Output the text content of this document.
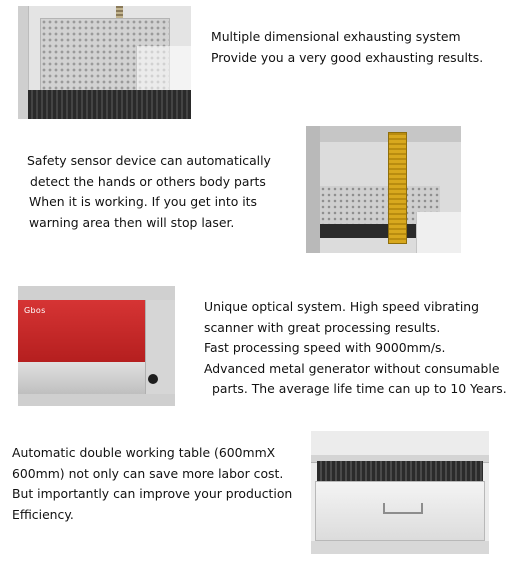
Multiple dimensional exhausting system
Provide you a very good exhausting results.
Safety sensor device can automatically
detect the hands or others body parts
When it is working. If you get into its
warning area then will stop laser.
Gbos	Unique optical system. High speed vibrating
scanner with great processing results.
Fast processing speed with 9000mm/s.
Advanced metal generator without consumable
parts. The average life time can up to 10 Years.
Automatic double working table (600mmX
600mm) not only can save more labor cost.
But importantly can improve your production
Efficiency.
